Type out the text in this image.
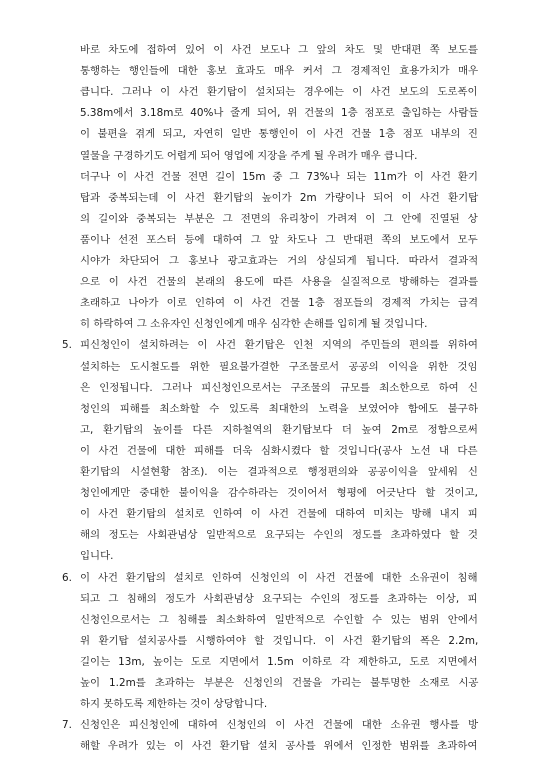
바로 차도에 접하여 있어 이 사건 보도나 그 앞의 차도 및 반대편 쪽 보도를
통행하는 행인들에 대한 홍보 효과도 매우 커서 그 경제적인 효용가치가 매우
큽니다. 그러나 이 사건 환기탑이 설치되는 경우에는 이 사건 보도의 도로폭이
5.38m에서 3.18m로 40%나 줄게 되어, 위 건물의 1층 점포로 출입하는 사람들
이 불편을 겪게 되고, 자연히 일반 통행인이 이 사건 건물 1층 점포 내부의 진
열물을 구경하기도 어렵게 되어 영업에 지장을 주게 될 우려가 매우 큽니다.
더구나 이 사건 건물 전면 길이 15m 중 그 73%나 되는 11m가 이 사건 환기
탑과 중복되는데 이 사건 환기탑의 높이가 2m 가량이나 되어 이 사건 환기탑
의 길이와 중복되는 부분은 그 전면의 유리창이 가려져 이 그 안에 진열된 상
품이나 선전 포스터 등에 대하여 그 앞 차도나 그 반대편 쪽의 보도에서 모두
시야가 차단되어 그 홍보나 광고효과는 거의 상실되게 됩니다. 따라서 결과적
으로 이 사건 건물의 본래의 용도에 따른 사용을 실질적으로 방해하는 결과를
초래하고 나아가 이로 인하여 이 사건 건물 1층 점포들의 경제적 가치는 급격
히 하락하여 그 소유자인 신청인에게 매우 심각한 손해를 입히게 될 것입니다.
5. 피신청인이 설치하려는 이 사건 환기탑은 인천 지역의 주민들의 편의를 위하여
설치하는 도시철도를 위한 필요불가결한 구조물로서 공공의 이익을 위한 것임
은 인정됩니다. 그러나 피신청인으로서는 구조물의 규모를 최소한으로 하여 신
청인의 피해를 최소화할 수 있도록 최대한의 노력을 보였어야 함에도 불구하
고, 환기탑의 높이를 다른 지하철역의 환기탑보다 더 높여 2m로 정함으로써
이 사건 건물에 대한 피해를 더욱 심화시켰다 할 것입니다(공사 노선 내 다른
환기탑의 시설현황 참조). 이는 결과적으로 행정편의와 공공이익을 앞세워 신
청인에게만 중대한 불이익을 감수하라는 것이어서 형평에 어긋난다 할 것이고,
이 사건 환기탑의 설치로 인하여 이 사건 건물에 대하여 미치는 방해 내지 피
해의 정도는 사회관념상 일반적으로 요구되는 수인의 정도를 초과하였다 할 것
입니다.
6. 이 사건 환기탑의 설치로 인하여 신청인의 이 사건 건물에 대한 소유권이 침해
되고 그 침해의 정도가 사회관념상 요구되는 수인의 정도를 초과하는 이상, 피
신청인으로서는 그 침해를 최소화하여 일반적으로 수인할 수 있는 범위 안에서
위 환기탑 설치공사를 시행하여야 할 것입니다. 이 사건 환기탑의 폭은 2.2m,
길이는 13m, 높이는 도로 지면에서 1.5m 이하로 각 제한하고, 도로 지면에서
높이 1.2m를 초과하는 부분은 신청인의 건물을 가리는 불투명한 소재로 시공
하지 못하도록 제한하는 것이 상당합니다.
7. 신청인은 피신청인에 대하여 신청인의 이 사건 건물에 대한 소유권 행사를 방
해할 우려가 있는 이 사건 환기탑 설치 공사를 위에서 인정한 범위를 초과하여
